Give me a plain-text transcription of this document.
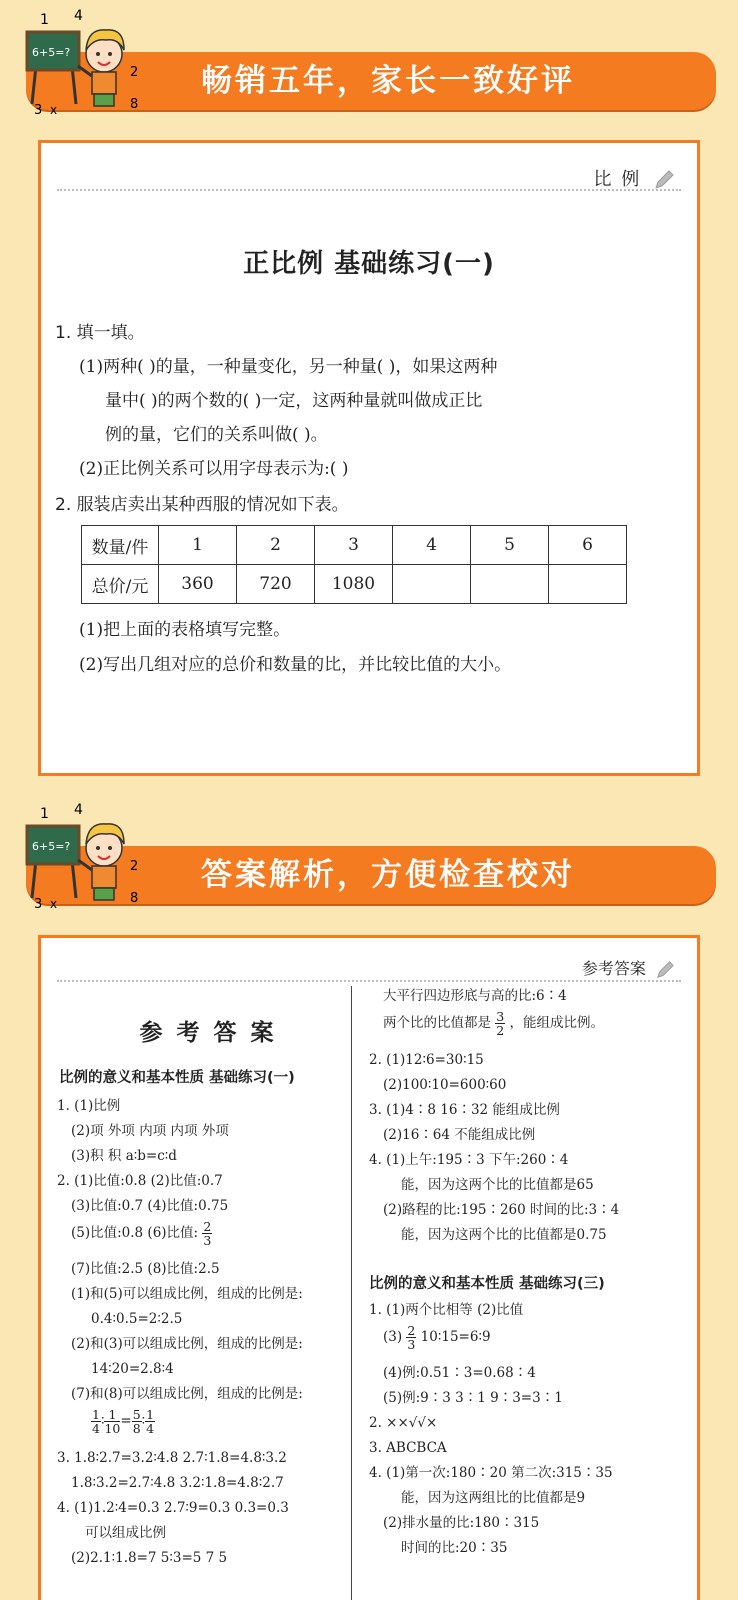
畅销五年，家长一致好评
1 4
2
8
3 x
6+5=?
比 例
正比例 基础练习(一)
1. 填一填。
(1)两种( )的量，一种量变化，另一种量( )，如果这两种
量中( )的两个数的( )一定，这两种量就叫做成正比
例的量，它们的关系叫做( )。
(2)正比例关系可以用字母表示为:( )
2. 服装店卖出某种西服的情况如下表。
数量/件	1	2	3	4	5	6
总价/元	360	720	1080			
(1)把上面的表格填写完整。
(2)写出几组对应的总价和数量的比，并比较比值的大小。
答案解析，方便检查校对
1 4
2
8
3 x
6+5=?
参考答案
参考答案
比例的意义和基本性质 基础练习(一)
1. (1)比例
(2)项 外项 内项 内项 外项
(3)积 积 a∶b=c∶d
2. (1)比值:0.8 (2)比值:0.7
(3)比值:0.7 (4)比值:0.75
(5)比值:0.8 (6)比值: $\frac{2}{3}$
(7)比值:2.5 (8)比值:2.5
(1)和(5)可以组成比例，组成的比例是:
0.4∶0.5=2∶2.5
(2)和(3)可以组成比例，组成的比例是:
14∶20=2.8∶4
(7)和(8)可以组成比例，组成的比例是:
$\frac{1}{4}$ ∶ $\frac{1}{10} = \frac{5}{8}$ ∶ $\frac{1}{4}$
3. 1.8∶2.7=3.2∶4.8 2.7∶1.8=4.8∶3.2
1.8∶3.2=2.7∶4.8 3.2∶1.8=4.8∶2.7
4. (1)1.2∶4=0.3 2.7∶9=0.3 0.3=0.3
可以组成比例
(2)2.1∶1.8=7 5∶3=5 7 5
大平行四边形底与高的比:6∶4
两个比的比值都是 $\frac{3}{2}$ ，能组成比例。
2. (1)12∶6=30∶15
(2)100∶10=600∶60
3. (1)4∶8 16∶32 能组成比例
(2)16∶64 不能组成比例
4. (1)上午:195∶3 下午:260∶4
能，因为这两个比的比值都是65
(2)路程的比:195∶260 时间的比:3∶4
能，因为这两个比的比值都是0.75
比例的意义和基本性质 基础练习(三)
1. (1)两个比相等 (2)比值
$(3) \frac{2}{3}$ 10∶15=6∶9
(4)例:0.51∶3=0.68∶4
(5)例:9∶3 3∶1 9∶3=3∶1
2. ××√√×
3. ABCBCA
4. (1)第一次:180∶20 第二次:315∶35
能，因为这两组比的比值都是9
(2)排水量的比:180∶315
时间的比:20∶35
